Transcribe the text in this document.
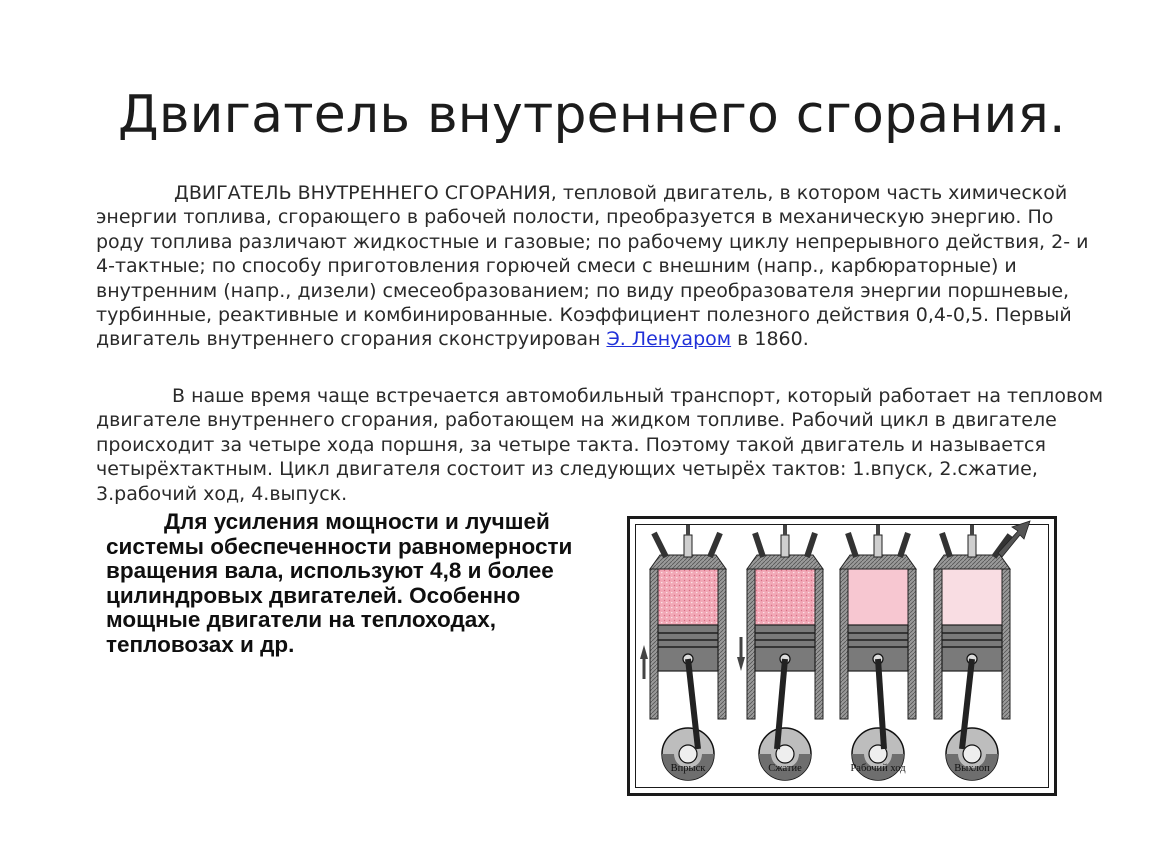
Двигатель внутреннего сгорания.
ДВИГАТЕЛЬ ВНУТРЕННЕГО СГОРАНИЯ, тепловой двигатель, в котором часть химической энергии топлива, сгорающего в рабочей полости, преобразуется в механическую энергию. По роду топлива различают жидкостные и газовые; по рабочему циклу непрерывного действия, 2- и 4-тактные; по способу приготовления горючей смеси с внешним (напр., карбюраторные) и внутренним (напр., дизели) смесеобразованием; по виду преобразователя энергии поршневые, турбинные, реактивные и комбинированные. Коэффициент полезного действия 0,4-0,5. Первый двигатель внутреннего сгорания сконструирован Э. Ленуаром в 1860.
В наше время чаще встречается автомобильный транспорт, который работает на тепловом двигателе внутреннего сгорания, работающем на жидком топливе. Рабочий цикл в двигателе происходит за четыре хода поршня, за четыре такта. Поэтому такой двигатель и называется четырёхтактным. Цикл двигателя состоит из следующих четырёх тактов: 1.впуск, 2.сжатие, 3.рабочий ход, 4.выпуск.
Для усиления мощности и лучшей системы обеспеченности равномерности вращения вала, используют 4,8 и более цилиндровых двигателей. Особенно мощные двигатели на теплоходах, тепловозах и др.
Впрыск	Сжатие	Рабочий ход	Выхлоп
